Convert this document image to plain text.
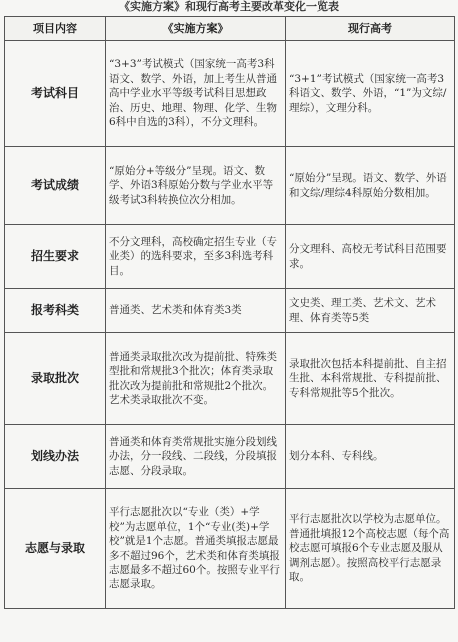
《实施方案》和现行高考主要改革变化一览表
项目内容	《实施方案》	现行高考
考试科目	“3+3”考试模式（国家统一高考3科语文、数学、外语，加上考生从普通高中学业水平等级考试科目思想政治、历史、地理、物理、化学、生物6科中自选的3科），不分文理科。	“3+1”考试模式（国家统一高考3科语文、数学、外语，“1”为文综/理综），文理分科。
考试成绩	“原始分+等级分”呈现。语文、数学、外语3科原始分数与学业水平等级考试3科转换位次分相加。	“原始分”呈现。语文、数学、外语和文综/理综4科原始分数相加。
招生要求	不分文理科，高校确定招生专业（专业类）的选科要求，至多3科选考科目。	分文理科、高校无考试科目范围要求。
报考科类	普通类、艺术类和体育类3类	文史类、理工类、艺术文、艺术理、体育类等5类
录取批次	普通类录取批次改为提前批、特殊类型批和常规批3个批次；体育类录取批次改为提前批和常规批2个批次。艺术类录取批次不变。	录取批次包括本科提前批、自主招生批、本科常规批、专科提前批、专科常规批等5个批次。
划线办法	普通类和体育类常规批实施分段划线办法，分一段线、二段线，分段填报志愿、分段录取。	划分本科、专科线。
志愿与录取	平行志愿批次以“专业（类）+学校”为志愿单位，1个“专业(类)+学校”就是1个志愿。普通类填报志愿最多不超过96个，艺术类和体育类填报志愿最多不超过60个。按照专业平行志愿录取。	平行志愿批次以学校为志愿单位。普通批填报12个高校志愿（每个高校志愿可填报6个专业志愿及服从调剂志愿）。按照高校平行志愿录取。
